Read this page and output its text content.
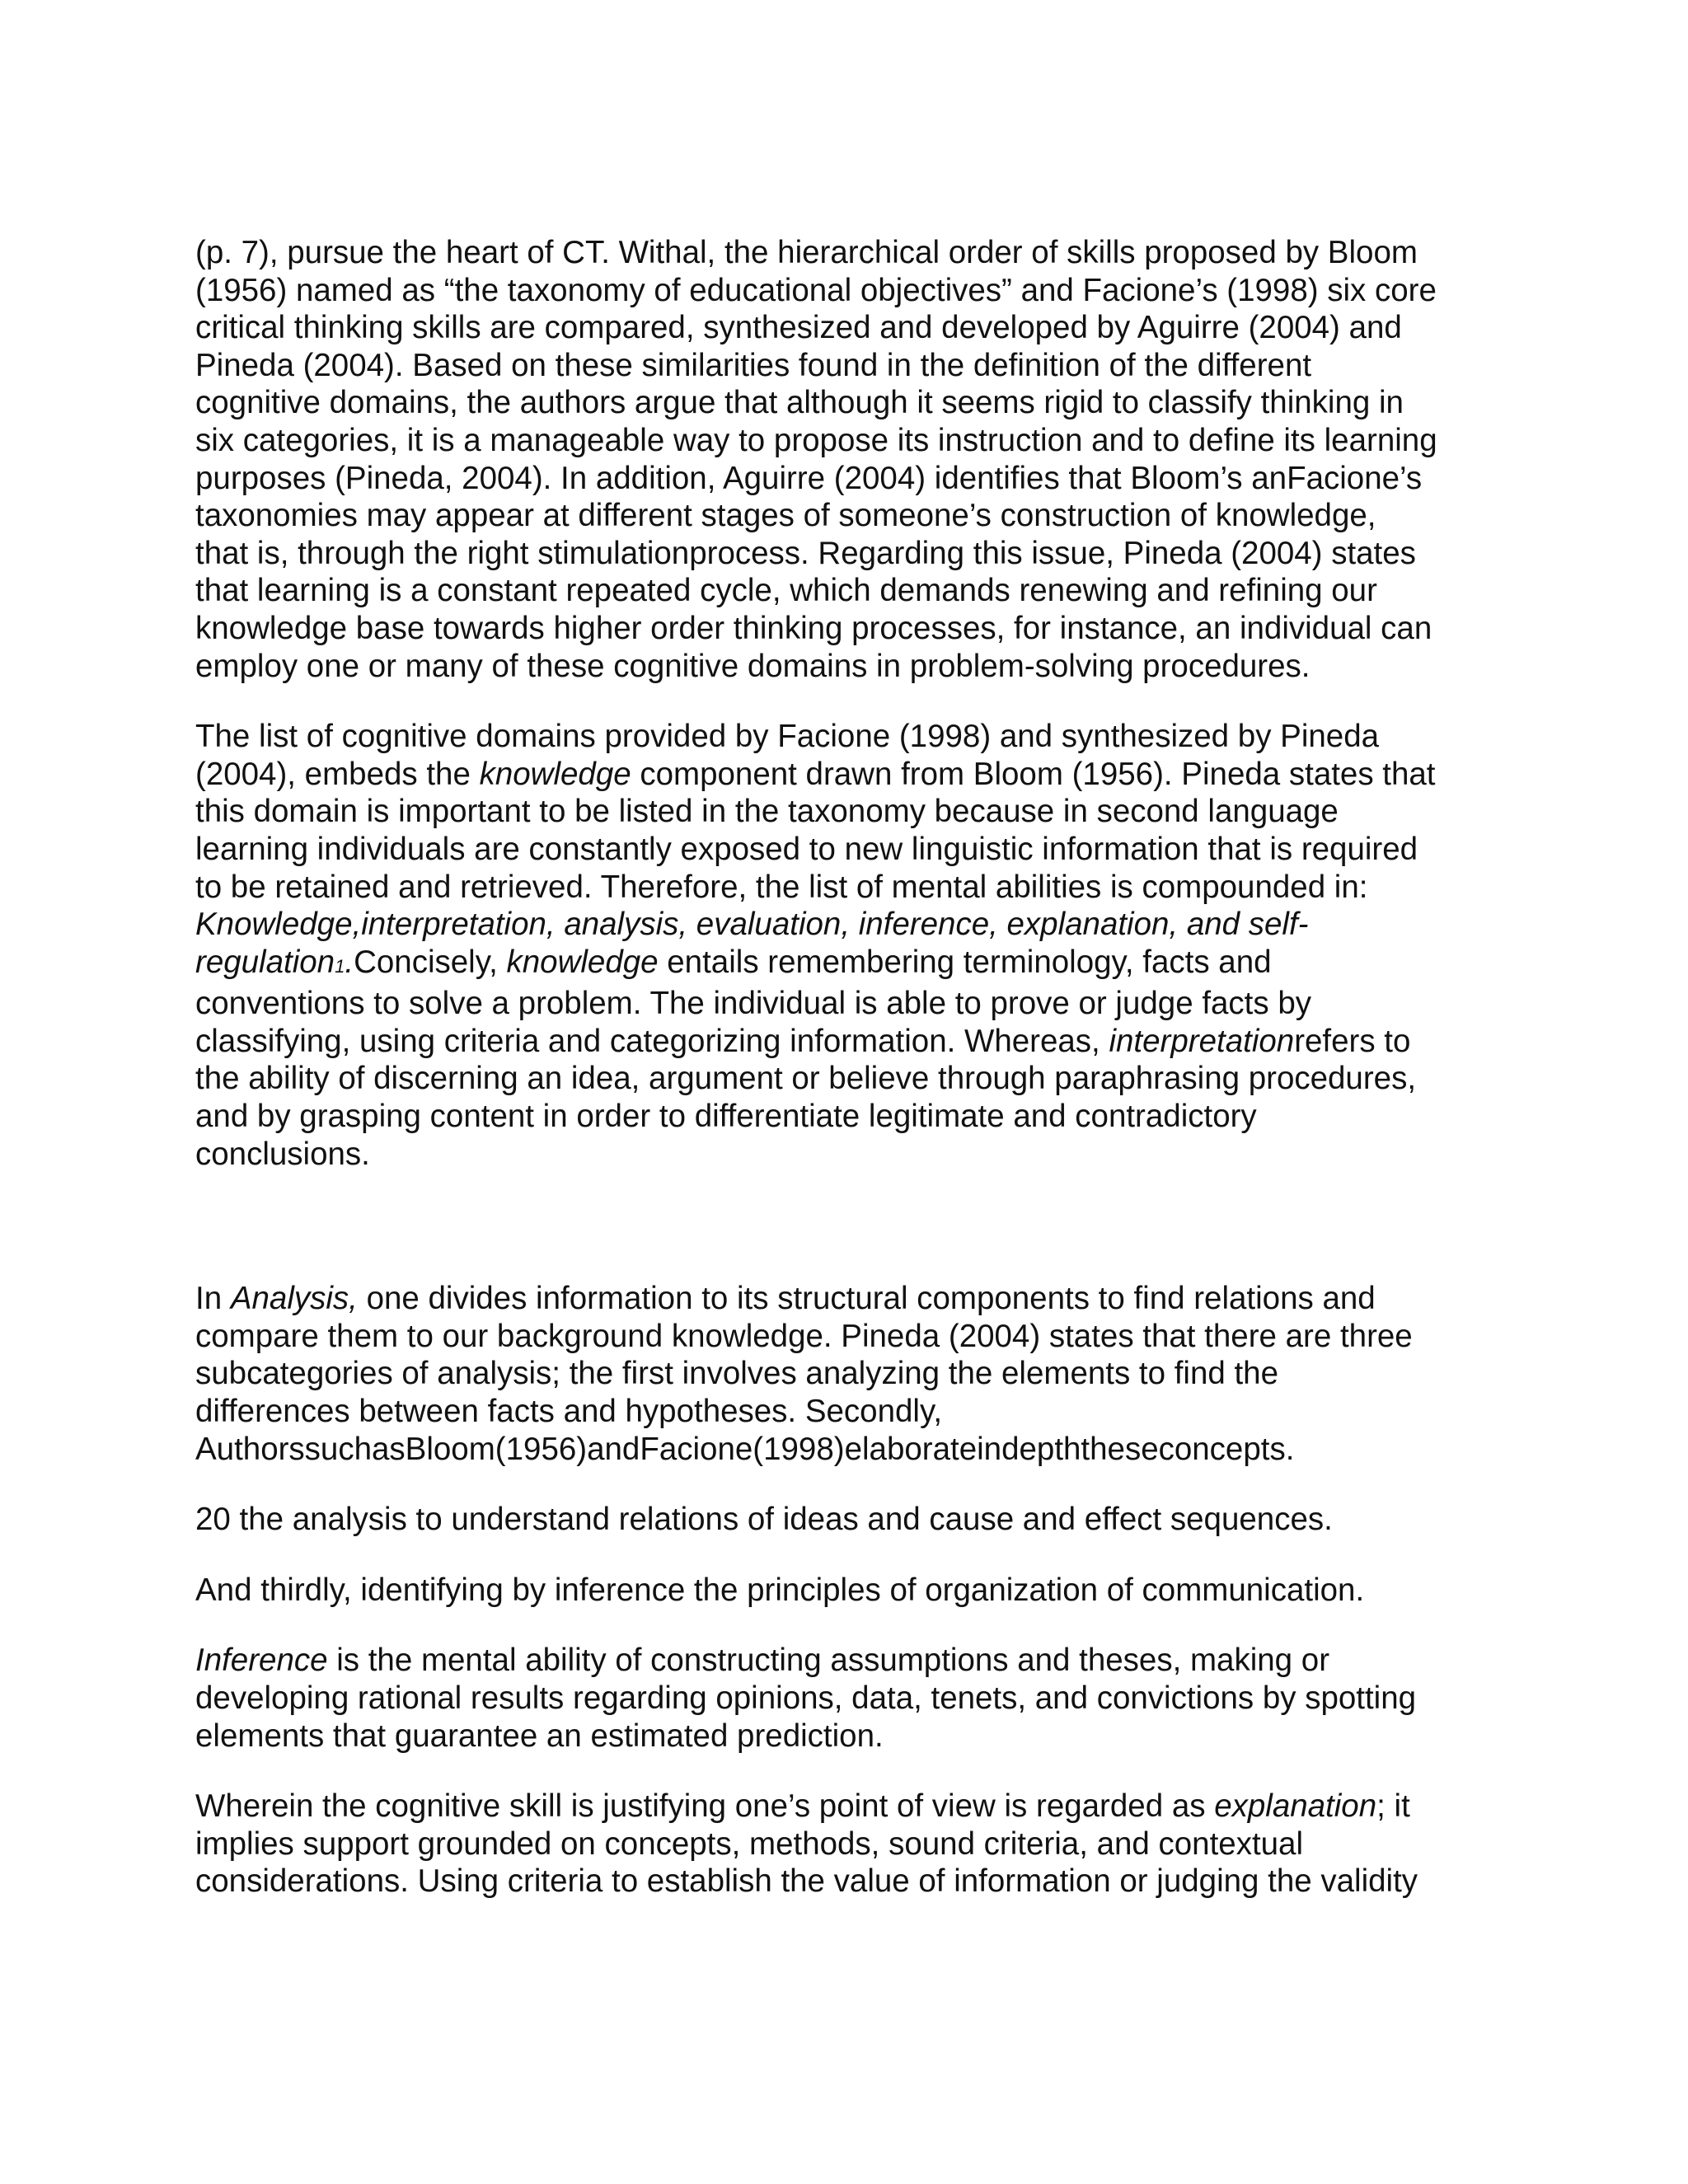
(p. 7), pursue the heart of CT. Withal, the hierarchical order of skills proposed by Bloom
(1956) named as “the taxonomy of educational objectives” and Facione’s (1998) six core
critical thinking skills are compared, synthesized and developed by Aguirre (2004) and
Pineda (2004). Based on these similarities found in the definition of the different
cognitive domains, the authors argue that although it seems rigid to classify thinking in
six categories, it is a manageable way to propose its instruction and to define its learning
purposes (Pineda, 2004). In addition, Aguirre (2004) identifies that Bloom’s anFacione’s
taxonomies may appear at different stages of someone’s construction of knowledge,
that is, through the right stimulationprocess. Regarding this issue, Pineda (2004) states
that learning is a constant repeated cycle, which demands renewing and refining our
knowledge base towards higher order thinking processes, for instance, an individual can
employ one or many of these cognitive domains in problem-solving procedures.

The list of cognitive domains provided by Facione (1998) and synthesized by Pineda
(2004), embeds the knowledge component drawn from Bloom (1956). Pineda states that
this domain is important to be listed in the taxonomy because in second language
learning individuals are constantly exposed to new linguistic information that is required
to be retained and retrieved. Therefore, the list of mental abilities is compounded in:
Knowledge,interpretation, analysis, evaluation, inference, explanation, and self-
regulation1.Concisely, knowledge entails remembering terminology, facts and
conventions to solve a problem. The individual is able to prove or judge facts by
classifying, using criteria and categorizing information. Whereas, interpretationrefers to
the ability of discerning an idea, argument or believe through paraphrasing procedures,
and by grasping content in order to differentiate legitimate and contradictory
conclusions.

In Analysis, one divides information to its structural components to find relations and
compare them to our background knowledge. Pineda (2004) states that there are three
subcategories of analysis; the first involves analyzing the elements to find the
differences between facts and hypotheses. Secondly,
AuthorssuchasBloom(1956)andFacione(1998)elaborateindepththeseconcepts.

20 the analysis to understand relations of ideas and cause and effect sequences.

And thirdly, identifying by inference the principles of organization of communication.

Inference is the mental ability of constructing assumptions and theses, making or
developing rational results regarding opinions, data, tenets, and convictions by spotting
elements that guarantee an estimated prediction.

Wherein the cognitive skill is justifying one’s point of view is regarded as explanation; it
implies support grounded on concepts, methods, sound criteria, and contextual
considerations. Using criteria to establish the value of information or judging the validity
